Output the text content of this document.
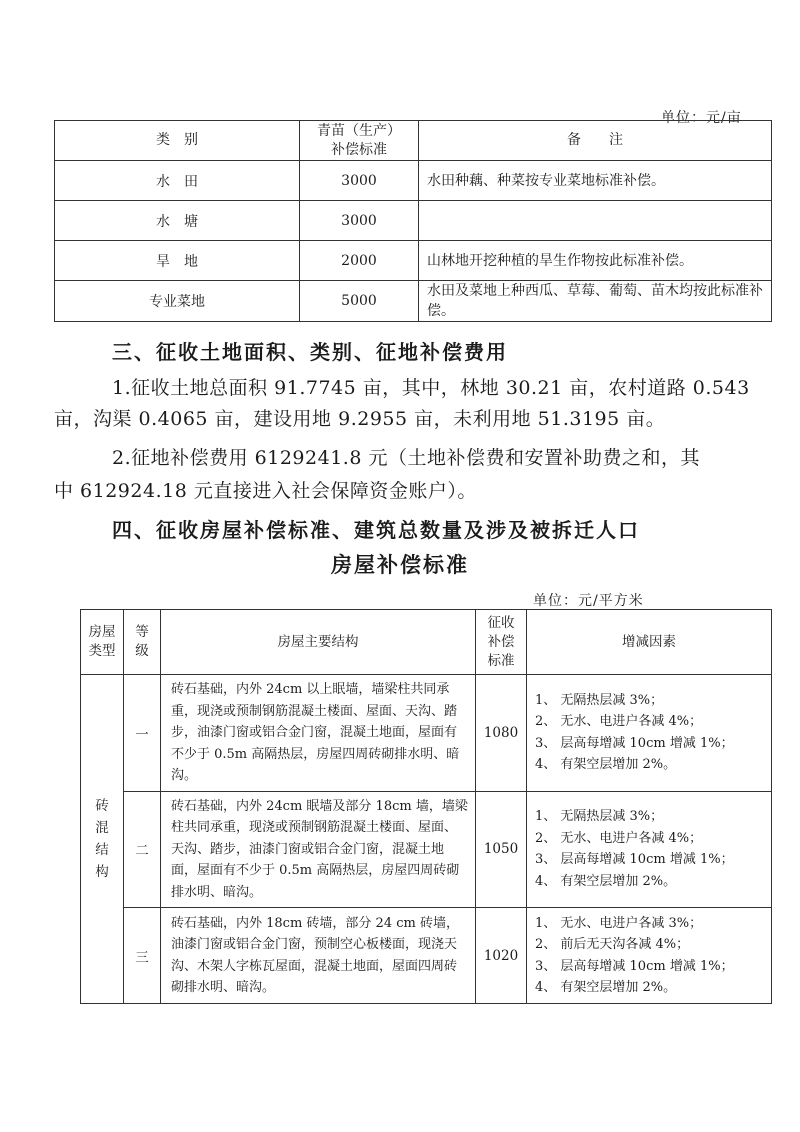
单位：元/亩
类　别	青苗（生产）补偿标准	备　　注
水　田	3000	水田种藕、种菜按专业菜地标准补偿。
水　塘	3000	
旱　地	2000	山林地开挖种植的旱生作物按此标准补偿。
专业菜地	5000	水田及菜地上种西瓜、草莓、葡萄、苗木均按此标准补偿。
三、征收土地面积、类别、征地补偿费用
1.征收土地总面积 91.7745 亩，其中，林地 30.21 亩，农村道路 0.543
亩，沟渠 0.4065 亩，建设用地 9.2955 亩，未利用地 51.3195 亩。
2.征地补偿费用 6129241.8 元（土地补偿费和安置补助费之和，其
中 612924.18 元直接进入社会保障资金账户）。
四、征收房屋补偿标准、建筑总数量及涉及被拆迁人口
房屋补偿标准
单位：元/平方米
房屋类型	等级	房屋主要结构	征收补偿标准	增减因素

砖混结构	一	砖石基础，内外 24cm 以上眠墙，墙梁柱共同承重，现浇或预制钢筋混凝土楼面、屋面、天沟、踏步，油漆门窗或铝合金门窗，混凝土地面，屋面有不少于 0.5m 高隔热层，房屋四周砖砌排水明、暗沟。	1080	1、 无隔热层减 3%；
2、 无水、电进户各减 4%；
3、 层高每增减 10cm 增减 1%；
4、 有架空层增加 2%。

	二	砖石基础，内外 24cm 眠墙及部分 18cm 墙，墙梁柱共同承重，现浇或预制钢筋混凝土楼面、屋面、天沟、踏步，油漆门窗或铝合金门窗，混凝土地面，屋面有不少于 0.5m 高隔热层，房屋四周砖砌排水明、暗沟。	1050	1、 无隔热层减 3%；
2、 无水、电进户各减 4%；
3、 层高每增减 10cm 增减 1%；
4、 有架空层增加 2%。

	三	砖石基础，内外 18cm 砖墙，部分 24 cm 砖墙，油漆门窗或铝合金门窗，预制空心板楼面，现浇天沟、木架人字栋瓦屋面，混凝土地面，屋面四周砖砌排水明、暗沟。	1020	1、 无水、电进户各减 3%；
2、 前后无天沟各减 4%；
3、 层高每增减 10cm 增减 1%；
4、 有架空层增加 2%。
